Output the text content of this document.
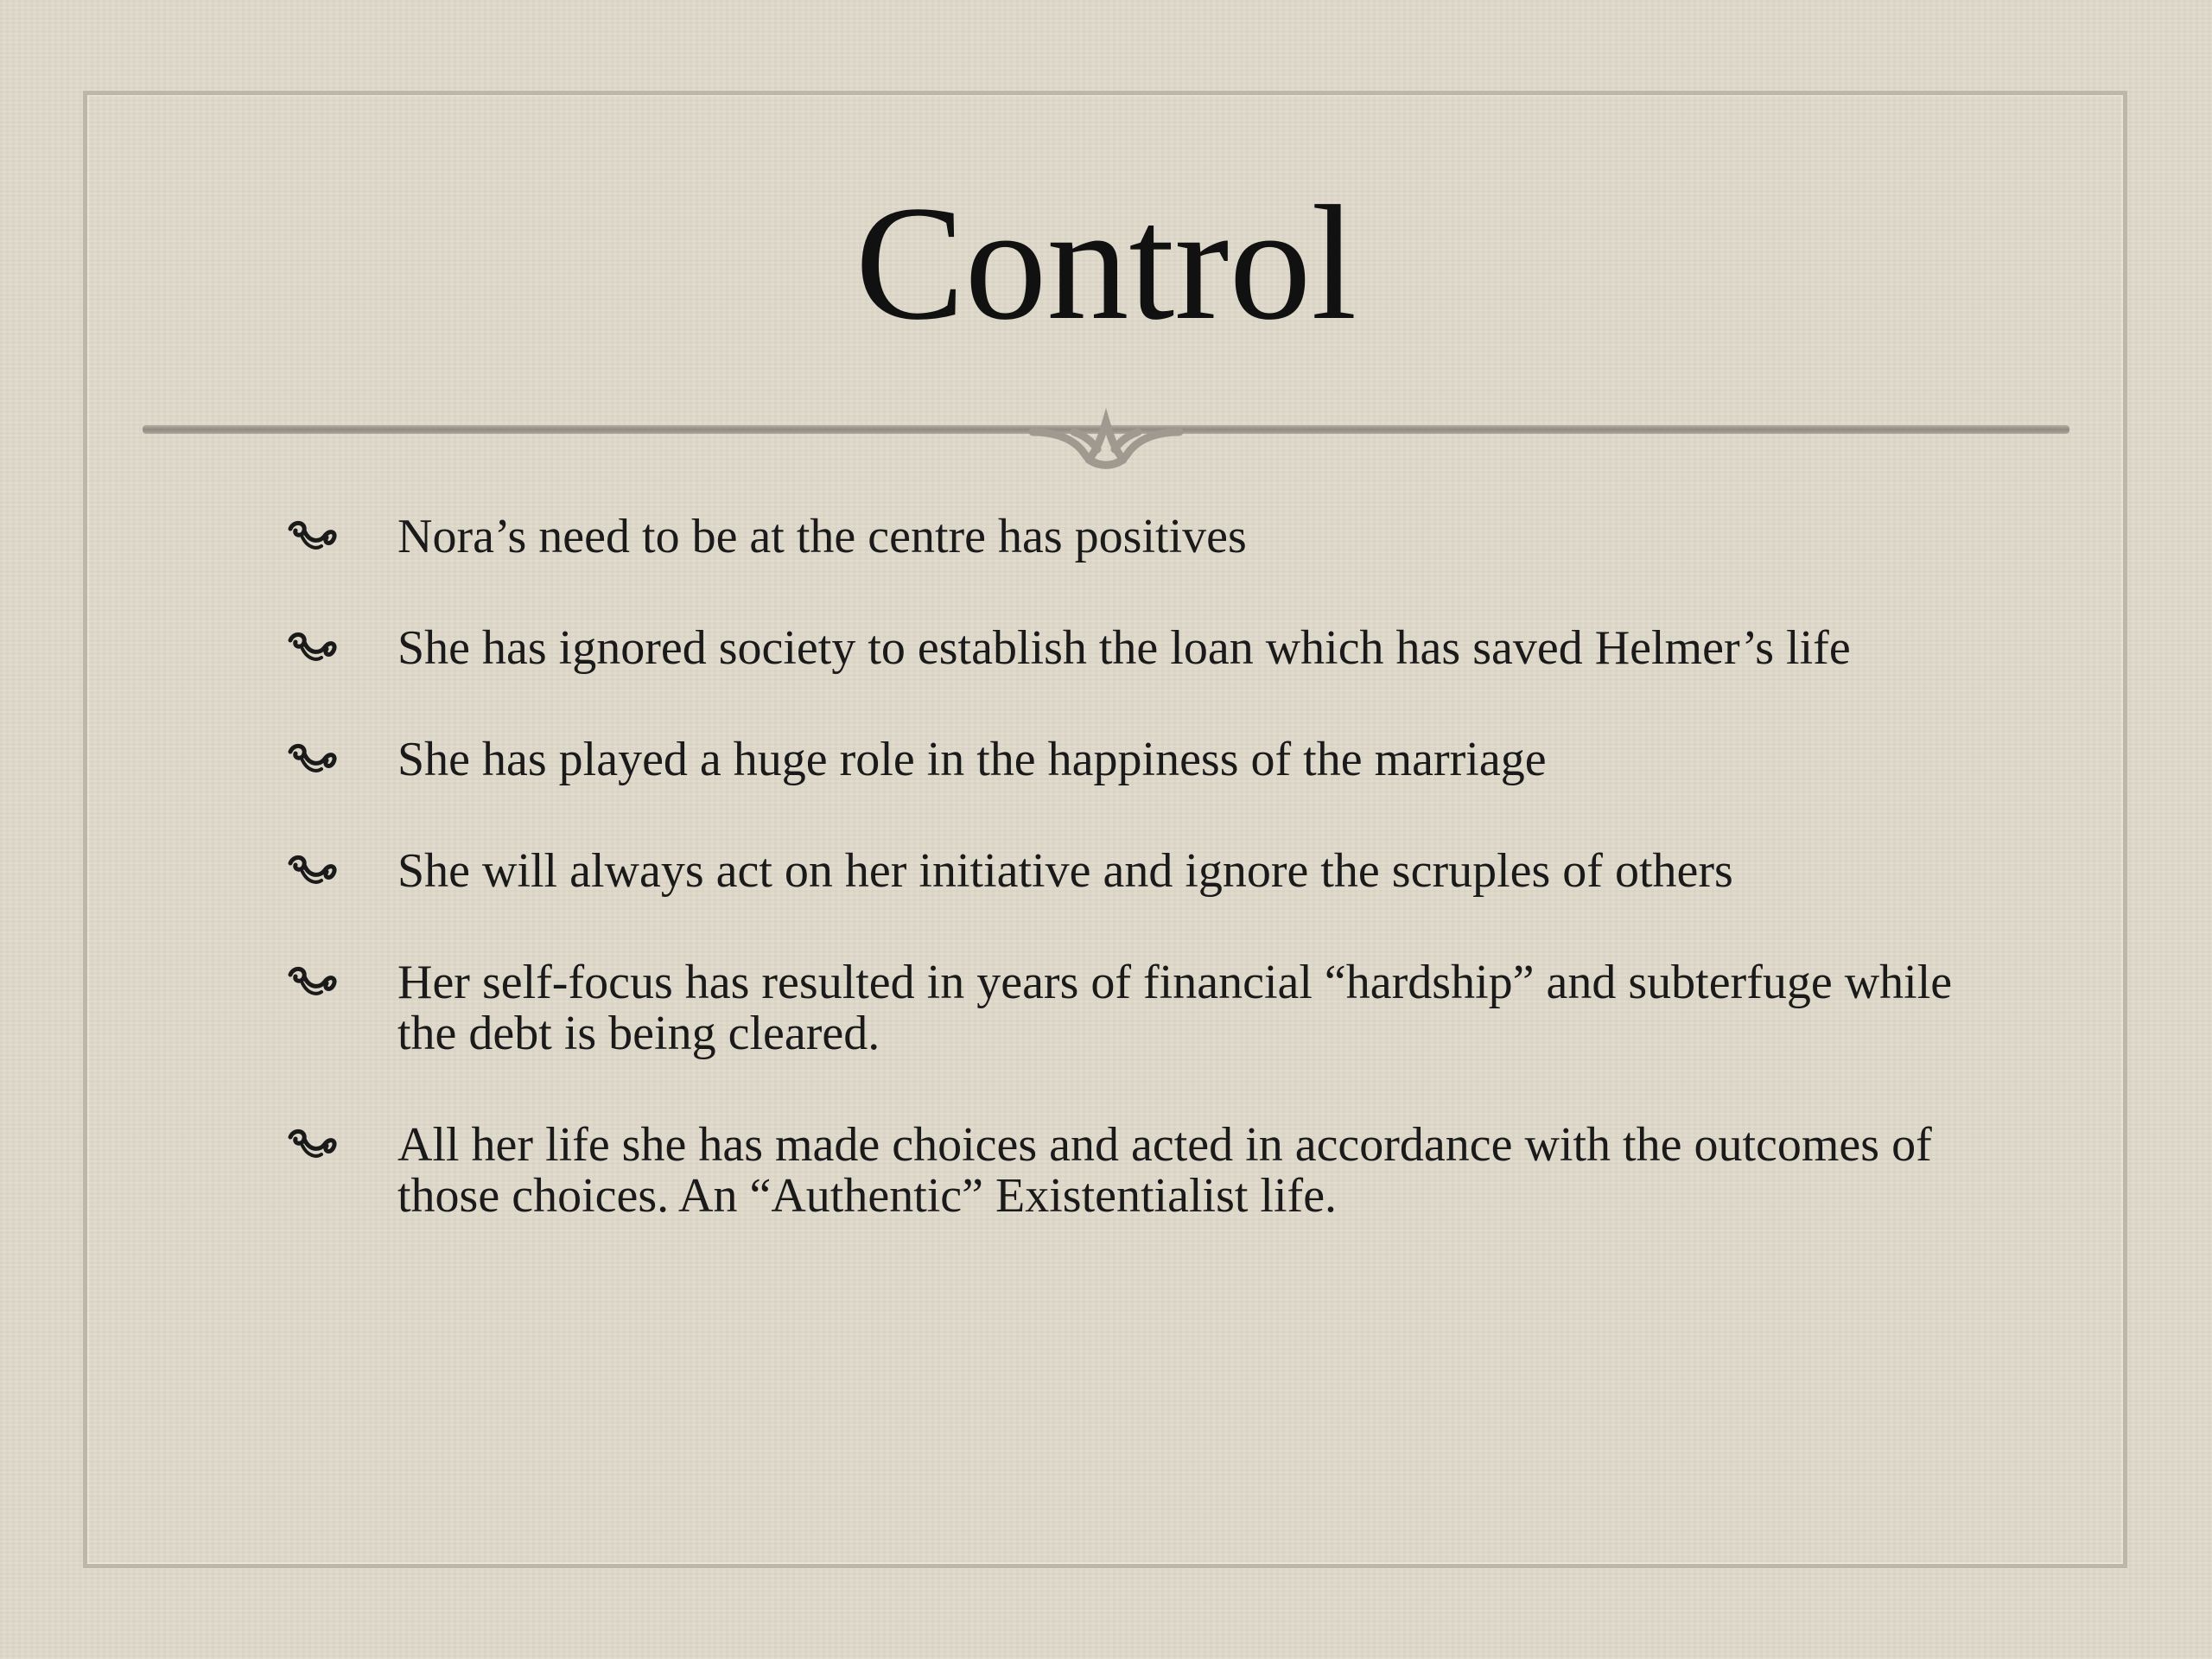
Control
Nora’s need to be at the centre has positives
She has ignored society to establish the loan which has saved Helmer’s life
She has played a huge role in the happiness of the marriage
She will always act on her initiative and ignore the scruples of others
Her self-focus has resulted in years of financial “hardship” and subterfuge while the debt is being cleared.
All her life she has made choices and acted in accordance with the outcomes of those choices. An “Authentic” Existentialist life.
